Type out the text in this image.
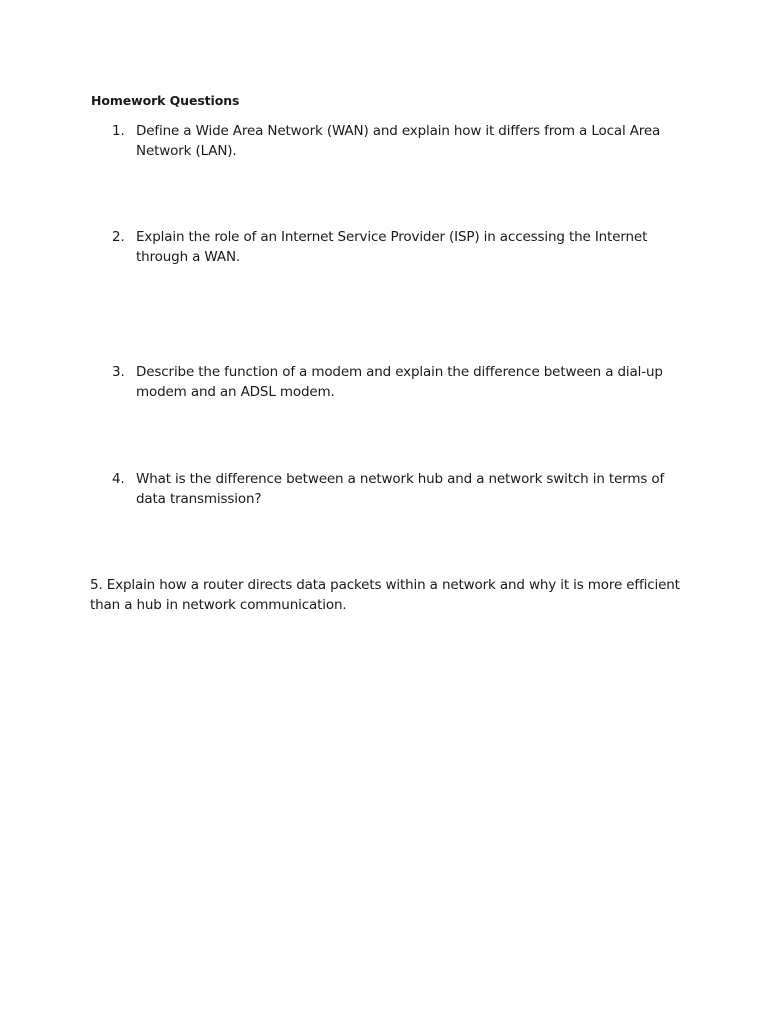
Homework Questions
1. Define a Wide Area Network (WAN) and explain how it differs from a Local Area Network (LAN).
2. Explain the role of an Internet Service Provider (ISP) in accessing the Internet through a WAN.
3. Describe the function of a modem and explain the difference between a dial-up modem and an ADSL modem.
4. What is the difference between a network hub and a network switch in terms of data transmission?
5. Explain how a router directs data packets within a network and why it is more efficient than a hub in network communication.
